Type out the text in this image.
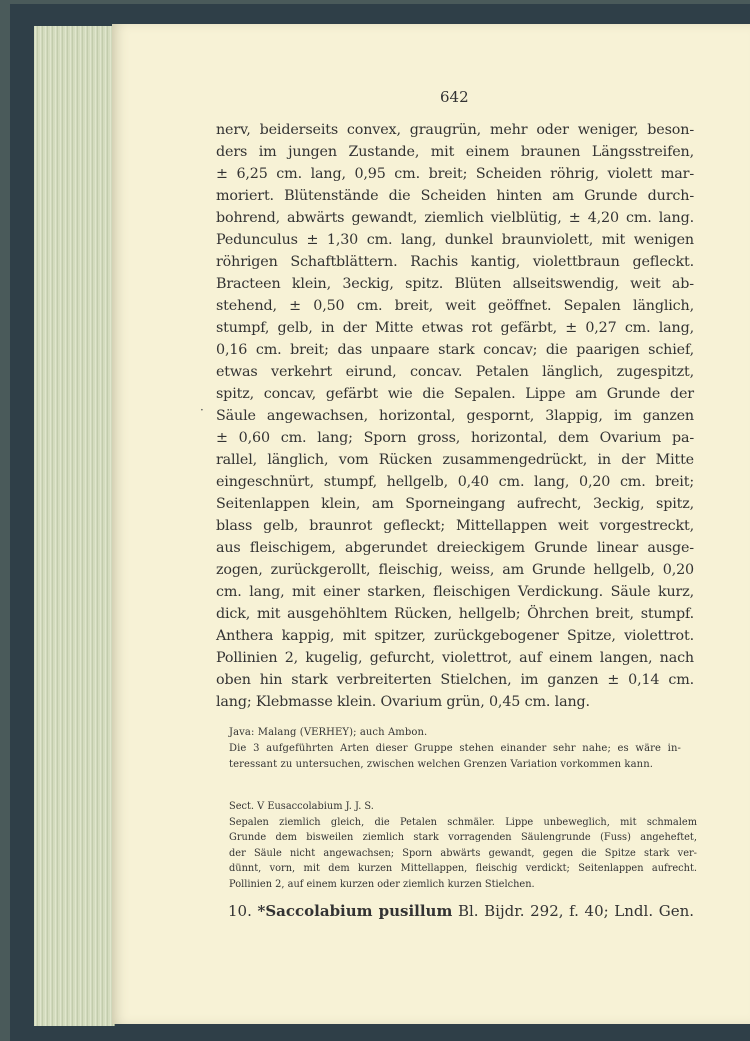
642
nerv, beiderseits convex, graugrün, mehr oder weniger, beson-
ders im jungen Zustande, mit einem braunen Längsstreifen,
± 6,25 cm. lang, 0,95 cm. breit; Scheiden röhrig, violett mar-
moriert. Blütenstände die Scheiden hinten am Grunde durch-
bohrend, abwärts gewandt, ziemlich vielblütig, ± 4,20 cm. lang.
Pedunculus ± 1,30 cm. lang, dunkel braunviolett, mit wenigen
röhrigen Schaftblättern. Rachis kantig, violettbraun gefleckt.
Bracteen klein, 3eckig, spitz. Blüten allseitswendig, weit ab-
stehend, ± 0,50 cm. breit, weit geöffnet. Sepalen länglich,
stumpf, gelb, in der Mitte etwas rot gefärbt, ± 0,27 cm. lang,
0,16 cm. breit; das unpaare stark concav; die paarigen schief,
etwas verkehrt eirund, concav. Petalen länglich, zugespitzt,
spitz, concav, gefärbt wie die Sepalen. Lippe am Grunde der
Säule angewachsen, horizontal, gespornt, 3lappig, im ganzen
± 0,60 cm. lang; Sporn gross, horizontal, dem Ovarium pa-
rallel, länglich, vom Rücken zusammengedrückt, in der Mitte
eingeschnürt, stumpf, hellgelb, 0,40 cm. lang, 0,20 cm. breit;
Seitenlappen klein, am Sporneingang aufrecht, 3eckig, spitz,
blass gelb, braunrot gefleckt; Mittellappen weit vorgestreckt,
aus fleischigem, abgerundet dreieckigem Grunde linear ausge-
zogen, zurückgerollt, fleischig, weiss, am Grunde hellgelb, 0,20
cm. lang, mit einer starken, fleischigen Verdickung. Säule kurz,
dick, mit ausgehöhltem Rücken, hellgelb; Öhrchen breit, stumpf.
Anthera kappig, mit spitzer, zurückgebogener Spitze, violettrot.
Pollinien 2, kugelig, gefurcht, violettrot, auf einem langen, nach
oben hin stark verbreiterten Stielchen, im ganzen ± 0,14 cm.
lang; Klebmasse klein. Ovarium grün, 0,45 cm. lang.
·
Java: Malang (VERHEY); auch Ambon.
Die 3 aufgeführten Arten dieser Gruppe stehen einander sehr nahe; es wäre in-
teressant zu untersuchen, zwischen welchen Grenzen Variation vorkommen kann.
Sect. V Eusaccolabium J. J. S.
Sepalen ziemlich gleich, die Petalen schmäler. Lippe unbeweglich, mit schmalem
Grunde dem bisweilen ziemlich stark vorragenden Säulengrunde (Fuss) angeheftet,
der Säule nicht angewachsen; Sporn abwärts gewandt, gegen die Spitze stark ver-
dünnt, vorn, mit dem kurzen Mittellappen, fleischig verdickt; Seitenlappen aufrecht.
Pollinien 2, auf einem kurzen oder ziemlich kurzen Stielchen.
10. *Saccolabium pusillum Bl. Bijdr. 292, f. 40; Lndl. Gen.
